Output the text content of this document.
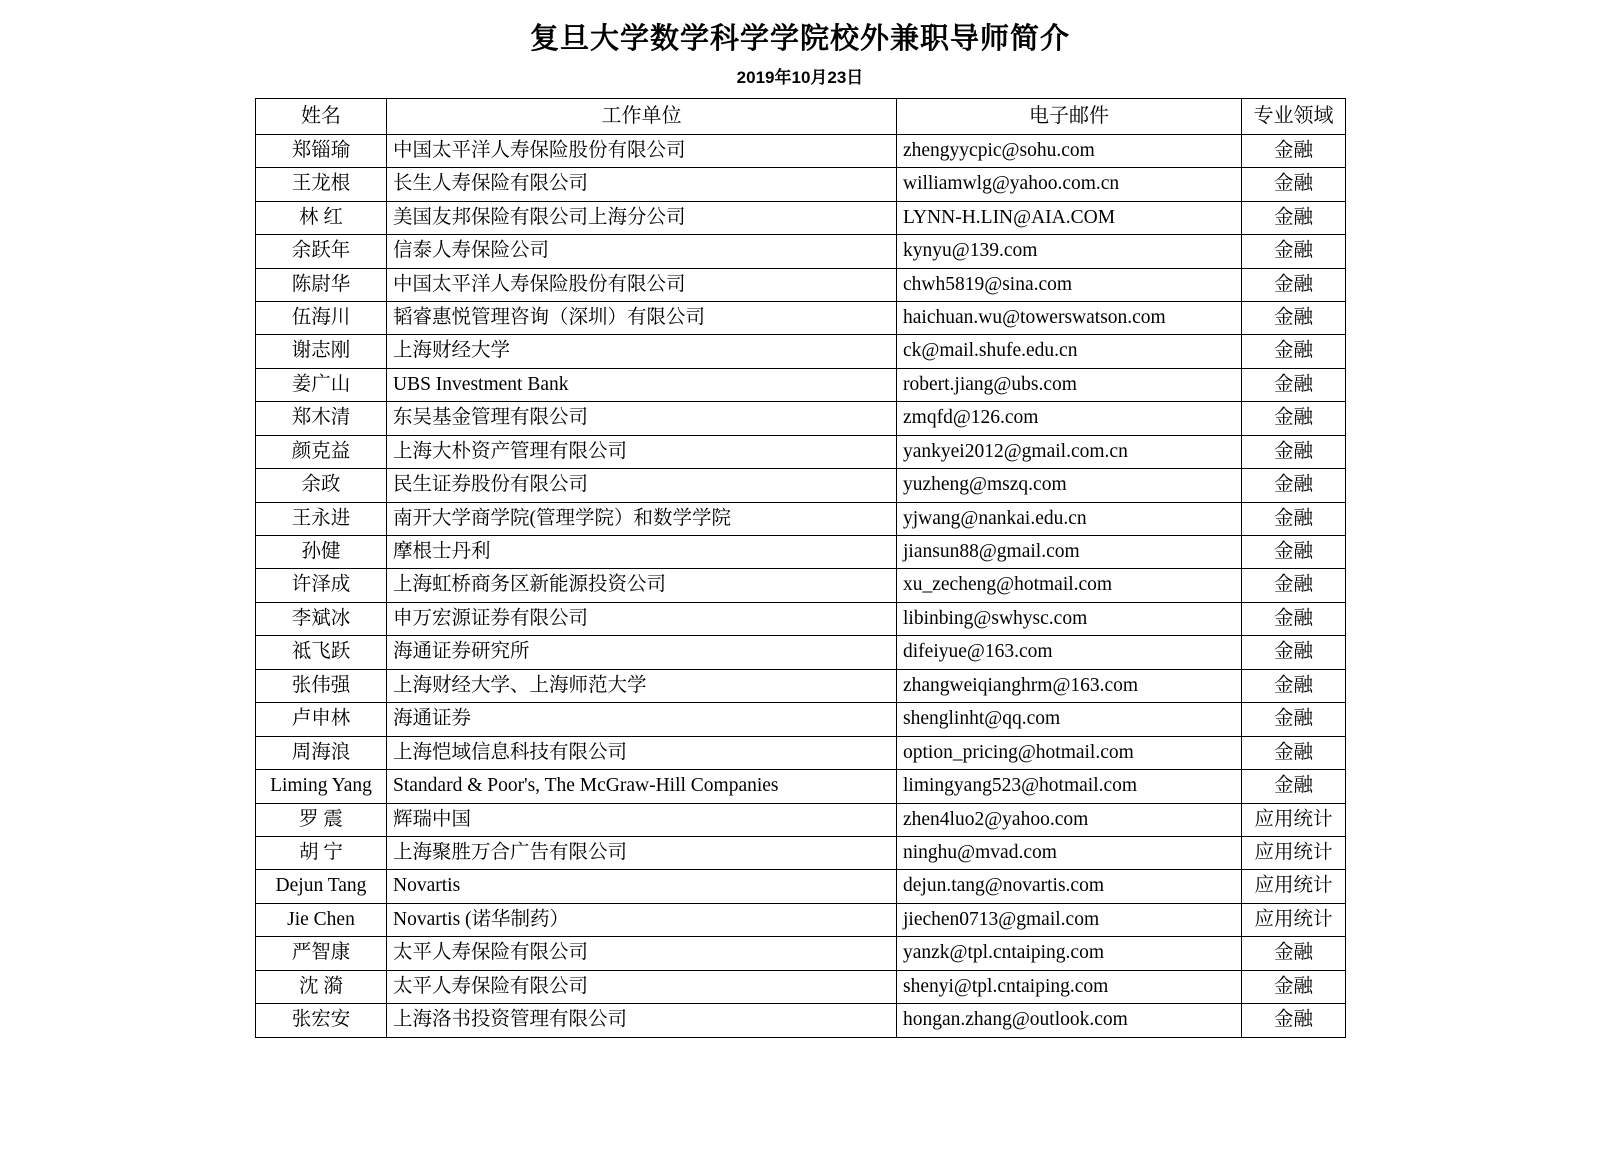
复旦大学数学科学学院校外兼职导师简介
2019年10月23日
姓名	工作单位	电子邮件	专业领域
郑锱瑜	中国太平洋人寿保险股份有限公司	zhengyycpic@sohu.com	金融
王龙根	长生人寿保险有限公司	williamwlg@yahoo.com.cn	金融
林 红	美国友邦保险有限公司上海分公司	LYNN-H.LIN@AIA.COM	金融
余跃年	信泰人寿保险公司	kynyu@139.com	金融
陈尉华	中国太平洋人寿保险股份有限公司	chwh5819@sina.com	金融
伍海川	韬睿惠悦管理咨询（深圳）有限公司	haichuan.wu@towerswatson.com	金融
谢志刚	上海财经大学	ck@mail.shufe.edu.cn	金融
姜广山	UBS Investment Bank	robert.jiang@ubs.com	金融
郑木清	东吴基金管理有限公司	zmqfd@126.com	金融
颜克益	上海大朴资产管理有限公司	yankyei2012@gmail.com.cn	金融
余政	民生证券股份有限公司	yuzheng@mszq.com	金融
王永进	南开大学商学院(管理学院）和数学学院	yjwang@nankai.edu.cn	金融
孙健	摩根士丹利	jiansun88@gmail.com	金融
许泽成	上海虹桥商务区新能源投资公司	xu_zecheng@hotmail.com	金融
李斌冰	申万宏源证券有限公司	libinbing@swhysc.com	金融
祗飞跃	海通证券研究所	difeiyue@163.com	金融
张伟强	上海财经大学、上海师范大学	zhangweiqianghrm@163.com	金融
卢申林	海通证券	shenglinht@qq.com	金融
周海浪	上海恺域信息科技有限公司	option_pricing@hotmail.com	金融
Liming Yang	Standard & Poor's, The McGraw-Hill Companies	limingyang523@hotmail.com	金融
罗 震	辉瑞中国	zhen4luo2@yahoo.com	应用统计
胡 宁	上海聚胜万合广告有限公司	ninghu@mvad.com	应用统计
Dejun Tang	Novartis	dejun.tang@novartis.com	应用统计
Jie Chen	Novartis (诺华制药）	jiechen0713@gmail.com	应用统计
严智康	太平人寿保险有限公司	yanzk@tpl.cntaiping.com	金融
沈 漪	太平人寿保险有限公司	shenyi@tpl.cntaiping.com	金融
张宏安	上海洛书投资管理有限公司	hongan.zhang@outlook.com	金融
